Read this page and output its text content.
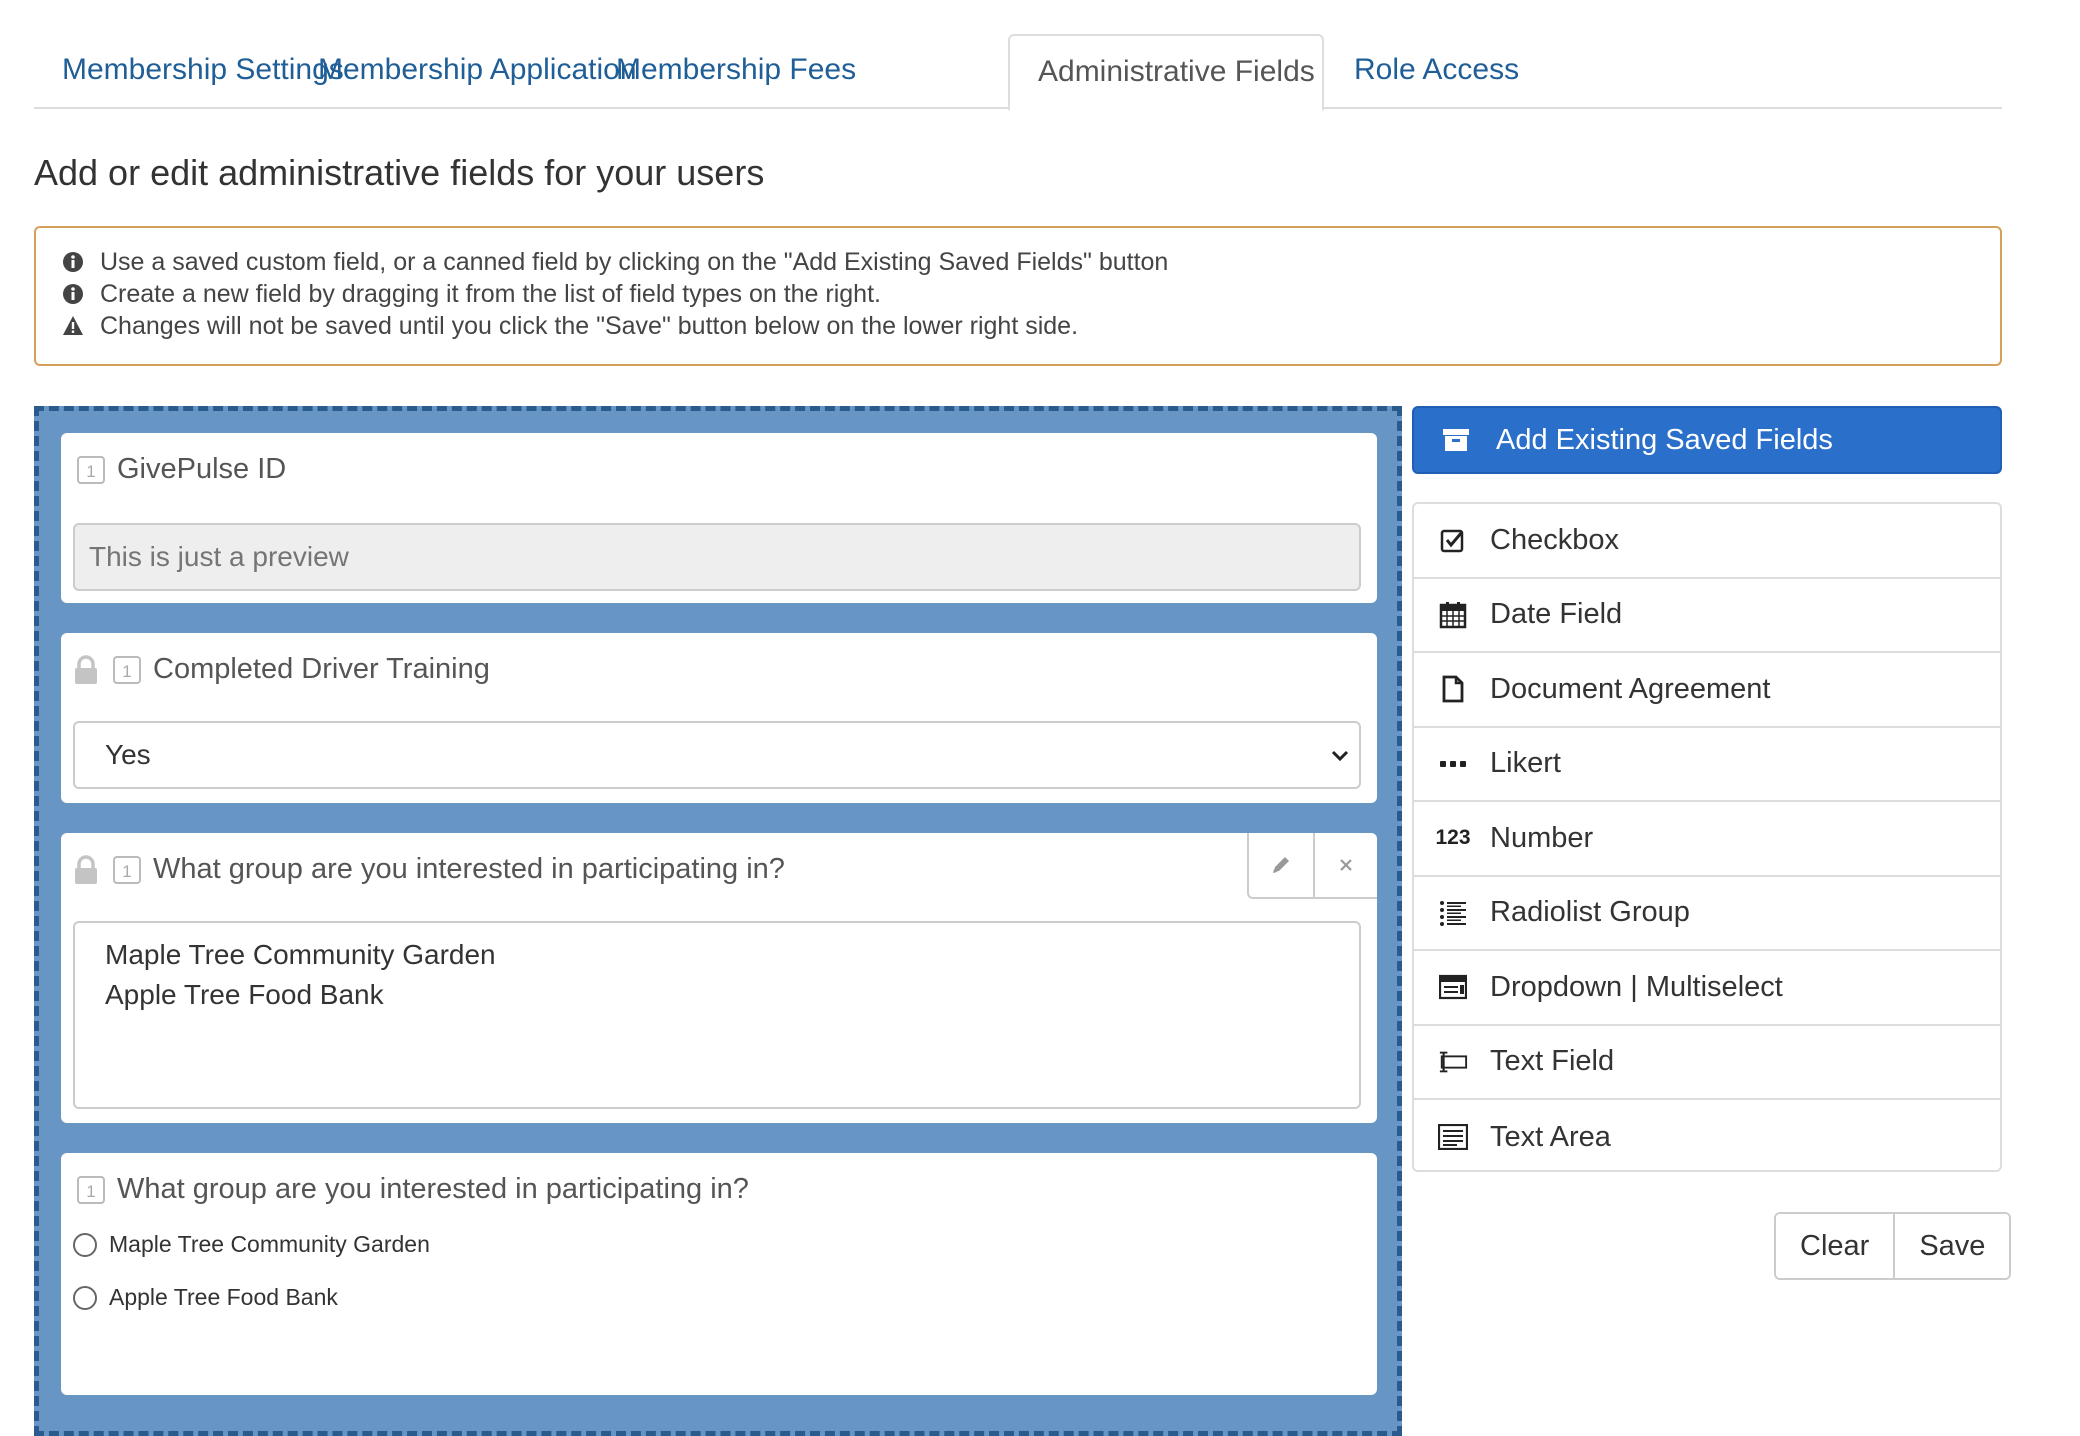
Membership Settings
Membership Application
Membership Fees	Administrative Fields	Role Access
Add or edit administrative fields for your users
Use a saved custom field, or a canned field by clicking on the "Add Existing Saved Fields" button
Create a new field by dragging it from the list of field types on the right.
Changes will not be saved until you click the "Save" button below on the lower right side.
1 GivePulse ID
This is just a preview
1 Completed Driver Training
Yes
1 What group are you interested in participating in?
Maple Tree Community Garden
Apple Tree Food Bank
1 What group are you interested in participating in?
Maple Tree Community Garden
Apple Tree Food Bank
Add Existing Saved Fields
Checkbox
Date Field
Document Agreement
Likert
123 Number
Radiolist Group
Dropdown | Multiselect
Text Field
Text Area
Clear	Save
